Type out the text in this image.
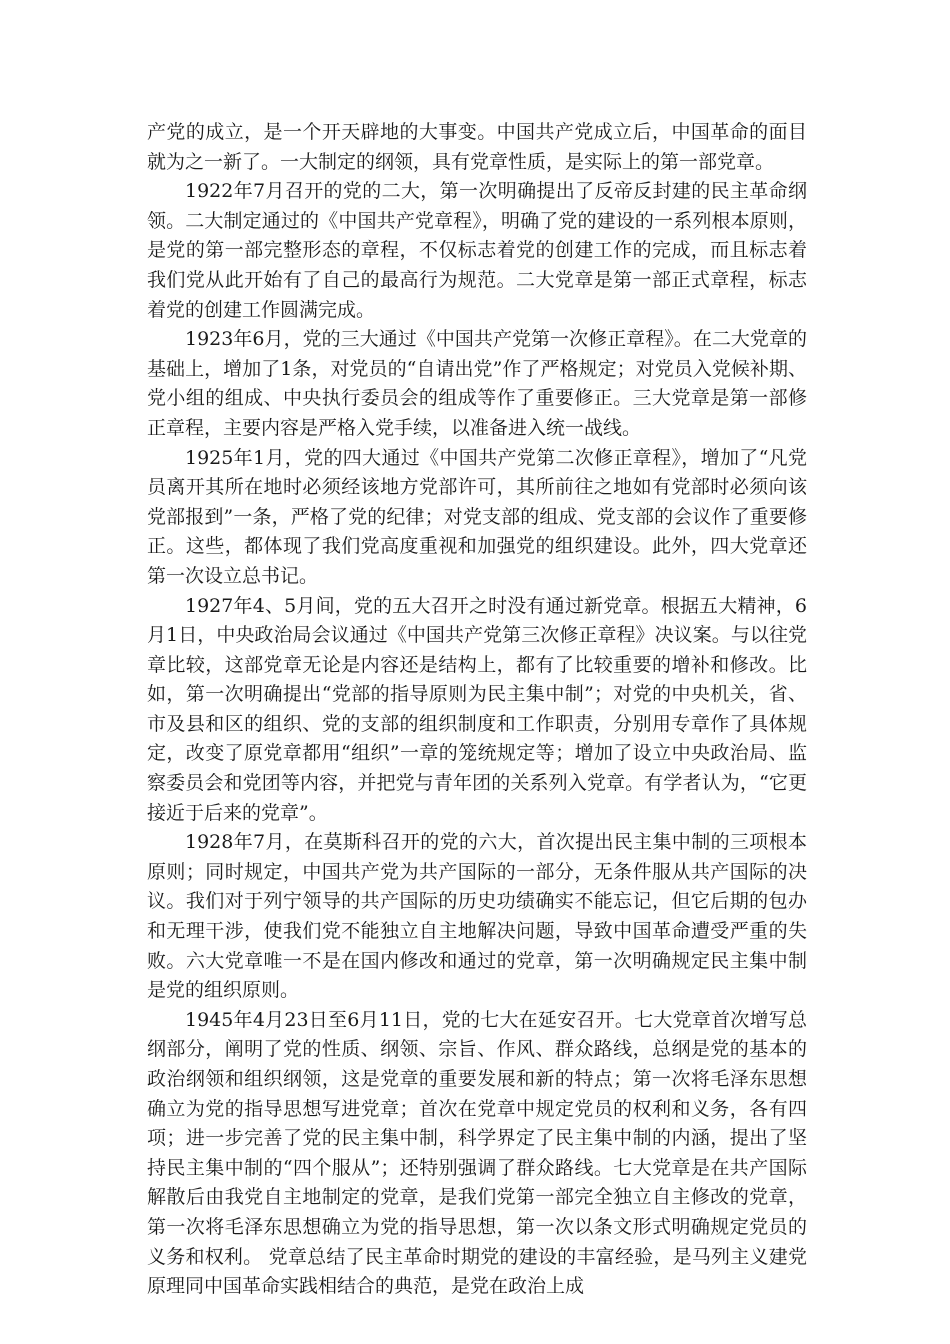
产党的成立，是一个开天辟地的大事变。中国共产党成立后，中国革命的面目就为之一新了。一大制定的纲领，具有党章性质，是实际上的第一部党章。

1922年7月召开的党的二大，第一次明确提出了反帝反封建的民主革命纲领。二大制定通过的《中国共产党章程》，明确了党的建设的一系列根本原则，是党的第一部完整形态的章程，不仅标志着党的创建工作的完成，而且标志着我们党从此开始有了自己的最高行为规范。二大党章是第一部正式章程，标志着党的创建工作圆满完成。

1923年6月，党的三大通过《中国共产党第一次修正章程》。在二大党章的基础上，增加了1条，对党员的“自请出党”作了严格规定；对党员入党候补期、党小组的组成、中央执行委员会的组成等作了重要修正。三大党章是第一部修正章程，主要内容是严格入党手续，以准备进入统一战线。

1925年1月，党的四大通过《中国共产党第二次修正章程》，增加了“凡党员离开其所在地时必须经该地方党部许可，其所前往之地如有党部时必须向该党部报到”一条，严格了党的纪律；对党支部的组成、党支部的会议作了重要修正。这些，都体现了我们党高度重视和加强党的组织建设。此外，四大党章还第一次设立总书记。

1927年4、5月间，党的五大召开之时没有通过新党章。根据五大精神，6月1日，中央政治局会议通过《中国共产党第三次修正章程》决议案。与以往党章比较，这部党章无论是内容还是结构上，都有了比较重要的增补和修改。比如，第一次明确提出“党部的指导原则为民主集中制”；对党的中央机关，省、市及县和区的组织、党的支部的组织制度和工作职责，分别用专章作了具体规定，改变了原党章都用“组织”一章的笼统规定等；增加了设立中央政治局、监察委员会和党团等内容，并把党与青年团的关系列入党章。有学者认为，“它更接近于后来的党章”。

1928年7月，在莫斯科召开的党的六大，首次提出民主集中制的三项根本原则；同时规定，中国共产党为共产国际的一部分，无条件服从共产国际的决议。我们对于列宁领导的共产国际的历史功绩确实不能忘记，但它后期的包办和无理干涉，使我们党不能独立自主地解决问题，导致中国革命遭受严重的失败。六大党章唯一不是在国内修改和通过的党章，第一次明确规定民主集中制是党的组织原则。

1945年4月23日至6月11日，党的七大在延安召开。七大党章首次增写总纲部分，阐明了党的性质、纲领、宗旨、作风、群众路线，总纲是党的基本的政治纲领和组织纲领，这是党章的重要发展和新的特点；第一次将毛泽东思想确立为党的指导思想写进党章；首次在党章中规定党员的权利和义务，各有四项；进一步完善了党的民主集中制，科学界定了民主集中制的内涵，提出了坚持民主集中制的“四个服从”；还特别强调了群众路线。七大党章是在共产国际解散后由我党自主地制定的党章，是我们党第一部完全独立自主修改的党章，第一次将毛泽东思想确立为党的指导思想，第一次以条文形式明确规定党员的义务和权利。 党章总结了民主革命时期党的建设的丰富经验，是马列主义建党原理同中国革命实践相结合的典范，是党在政治上成
